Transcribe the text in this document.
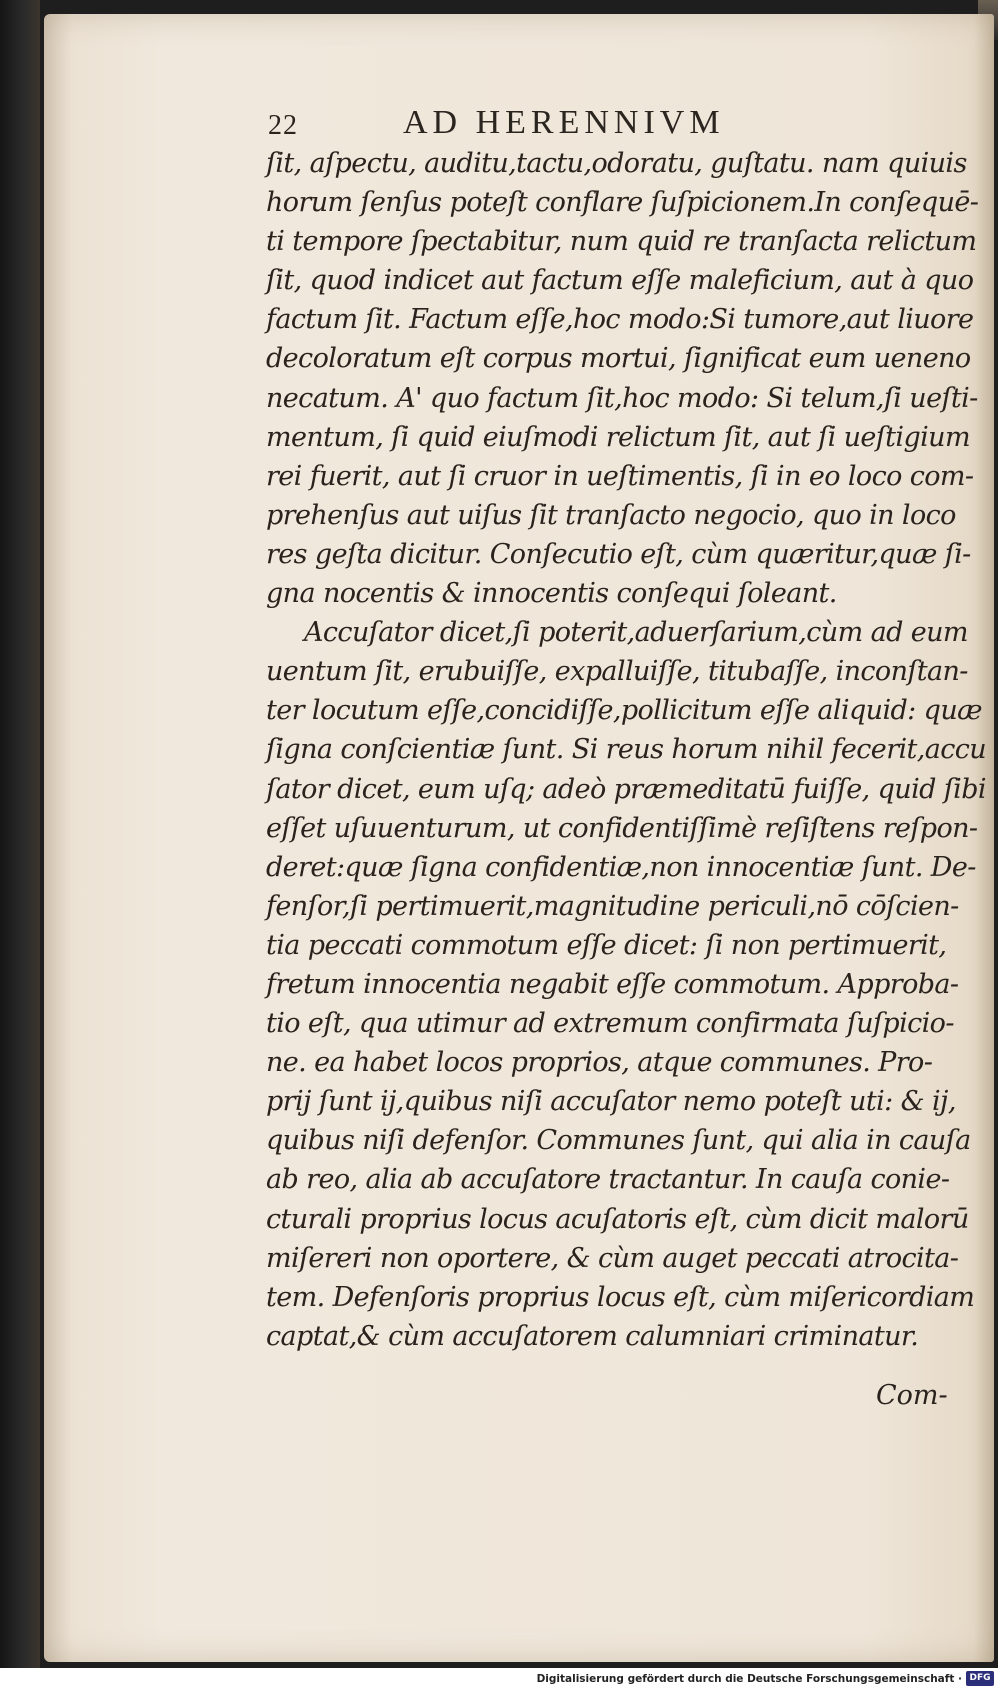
22	AD HERENNIVM
ſit, aſpectu, auditu,tactu,odoratu, guſtatu. nam quiuis
horum ſenſus poteſt conflare ſuſpicionem.In conſequē-
ti tempore ſpectabitur, num quid re tranſacta relictum
ſit, quod indicet aut factum eſſe maleficium, aut à quo
factum ſit. Factum eſſe,hoc modo:Si tumore,aut liuore
decoloratum eſt corpus mortui, ſignificat eum ueneno
necatum. A' quo factum ſit,hoc modo: Si telum,ſi ueſti-
mentum, ſi quid eiuſmodi relictum ſit, aut ſi ueſtigium
rei fuerit, aut ſi cruor in ueſtimentis, ſi in eo loco com-
prehenſus aut uiſus ſit tranſacto negocio, quo in loco
res geſta dicitur. Conſecutio eſt, cùm quæritur,quæ ſi-
gna nocentis & innocentis conſequi ſoleant.
Accuſator dicet,ſi poterit,aduerſarium,cùm ad eum
uentum ſit, erubuiſſe, expalluiſſe, titubaſſe, inconſtan-
ter locutum eſſe,concidiſſe,pollicitum eſſe aliquid: quæ
ſigna conſcientiæ ſunt. Si reus horum nihil fecerit,accu
ſator dicet, eum uſq; adeò præmeditatū fuiſſe, quid ſibi
eſſet uſuuenturum, ut confidentiſſimè reſiſtens reſpon-
deret:quæ ſigna confidentiæ,non innocentiæ ſunt. De-
fenſor,ſi pertimuerit,magnitudine periculi,nō cōſcien-
tia peccati commotum eſſe dicet: ſi non pertimuerit,
fretum innocentia negabit eſſe commotum. Approba-
tio eſt, qua utimur ad extremum confirmata ſuſpicio-
ne. ea habet locos proprios, atque communes. Pro-
prij ſunt ij,quibus niſi accuſator nemo poteſt uti: & ij,
quibus niſi defenſor. Communes ſunt, qui alia in cauſa
ab reo, alia ab accuſatore tractantur. In cauſa conie-
cturali proprius locus acuſatoris eſt, cùm dicit malorū
miſereri non oportere, & cùm auget peccati atrocita-
tem. Defenſoris proprius locus eſt, cùm miſericordiam
captat,& cùm accuſatorem calumniari criminatur.
Com-
Digitalisierung gefördert durch die Deutsche Forschungsgemeinschaft · DFG
